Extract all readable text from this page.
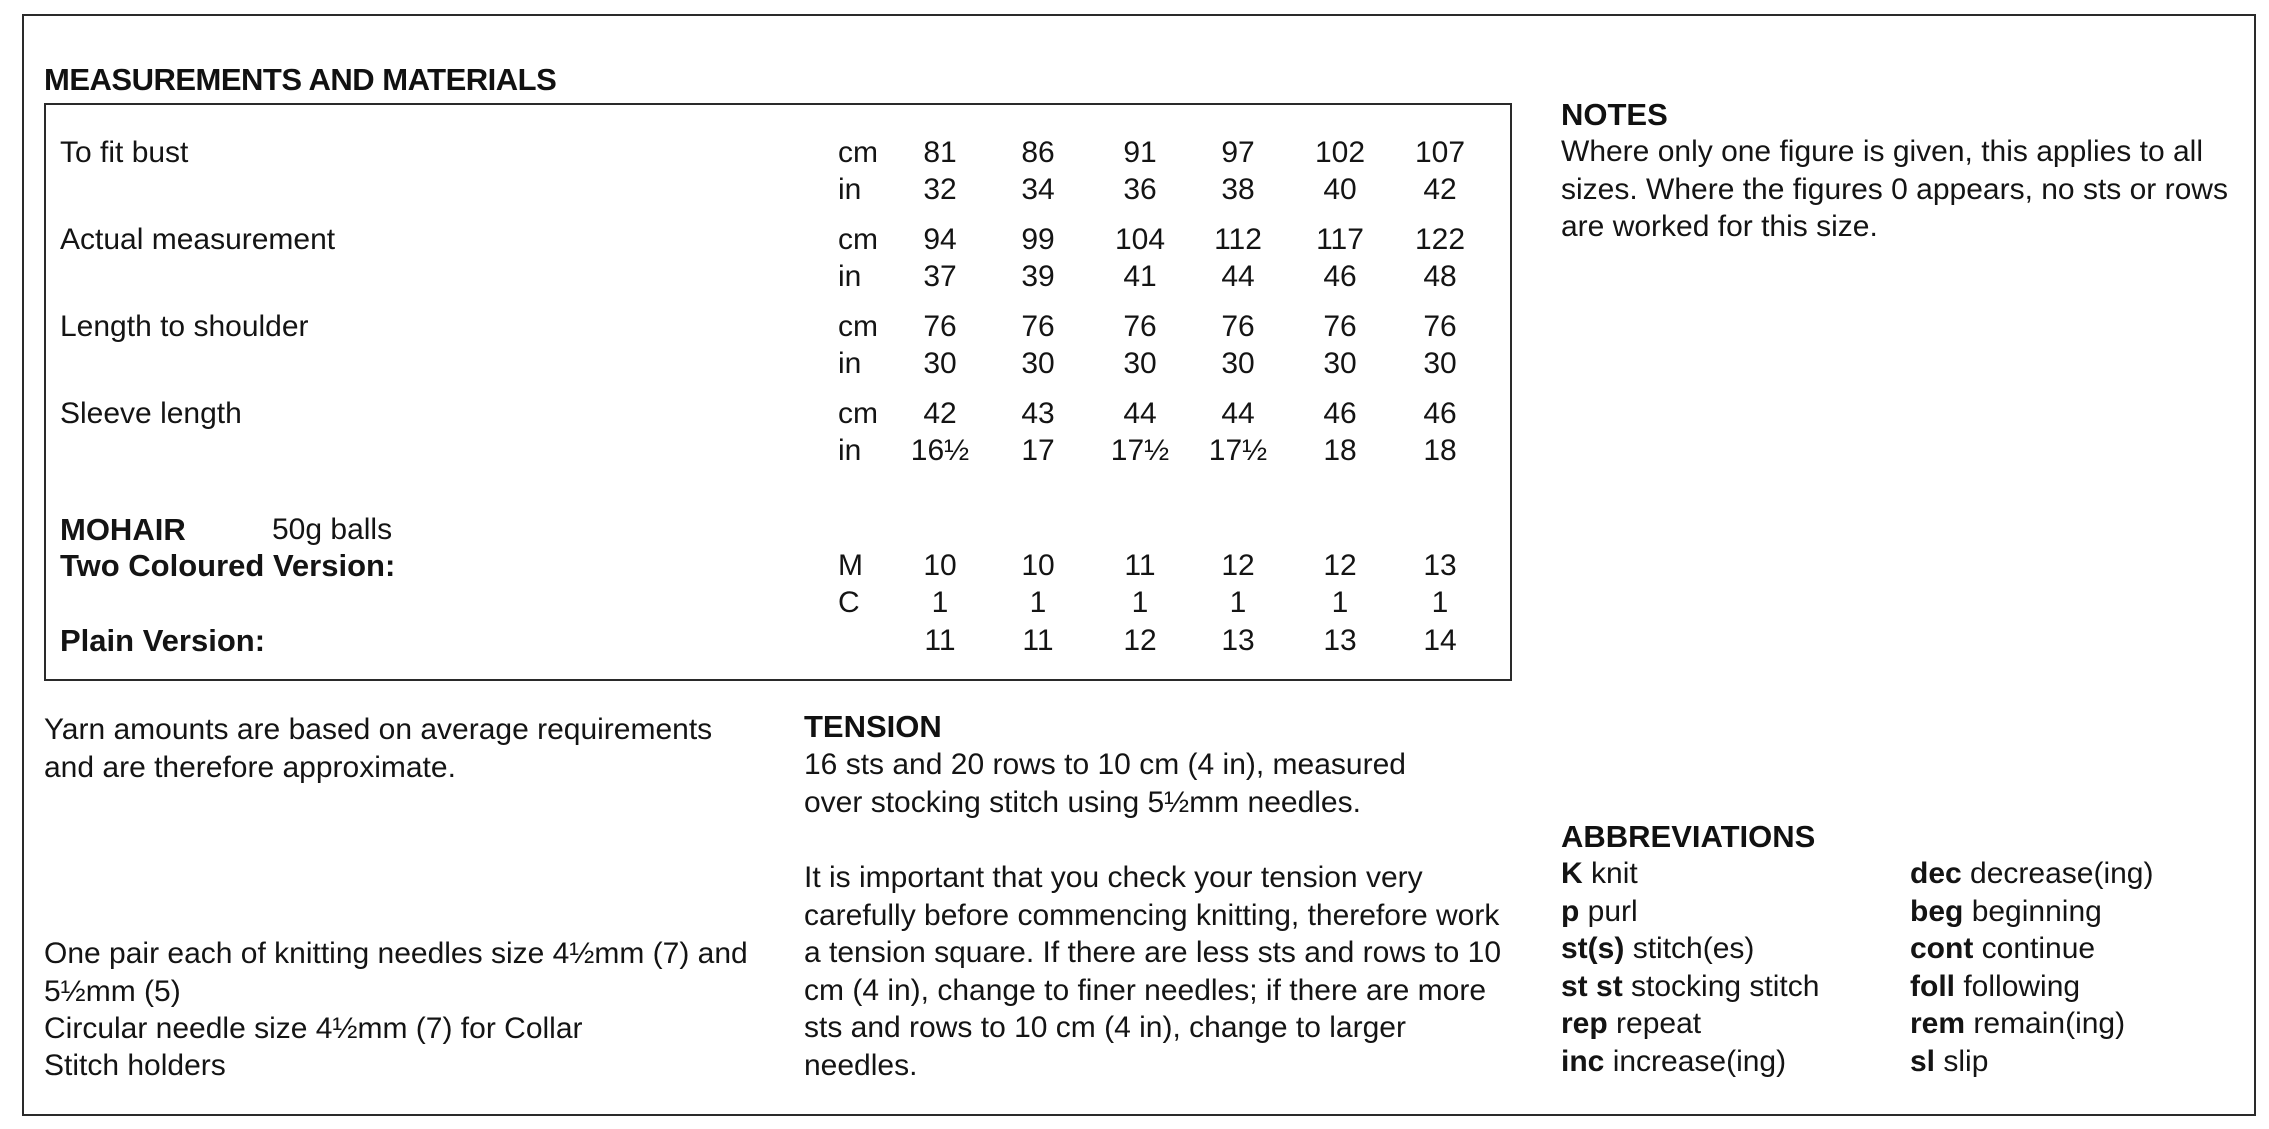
MEASUREMENTS AND MATERIALS
To fit bust	cm	81	86	91	97	102	107
in	32	34	36	38	40	42
Actual measurement	cm	94	99	104	112	117	122
in	37	39	41	44	46	48
Length to shoulder	cm	76	76	76	76	76	76
in	30	30	30	30	30	30
Sleeve length	cm	42	43	44	44	46	46
in	16½	17	17½	17½	18	18
MOHAIR	50g balls
Two Coloured Version:	M	10	10	11	12	12	13
C	1	1	1	1	1	1
Plain Version:	11	11	12	13	13	14
NOTES
Where only one figure is given, this applies to all sizes. Where the figures 0 appears, no sts or rows are worked for this size.
Yarn amounts are based on average requirements and are therefore approximate.
One pair each of knitting needles size 4½mm (7) and 5½mm (5)
Circular needle size 4½mm (7) for Collar
Stitch holders
TENSION
16 sts and 20 rows to 10 cm (4 in), measured over stocking stitch using 5½mm needles.
It is important that you check your tension very carefully before commencing knitting, therefore work a tension square. If there are less sts and rows to 10 cm (4 in), change to finer needles; if there are more sts and rows to 10 cm (4 in), change to larger needles.
ABBREVIATIONS
K knit
p purl
st(s) stitch(es)
st st stocking stitch
rep repeat
inc increase(ing)
dec decrease(ing)
beg beginning
cont continue
foll following
rem remain(ing)
sl slip
